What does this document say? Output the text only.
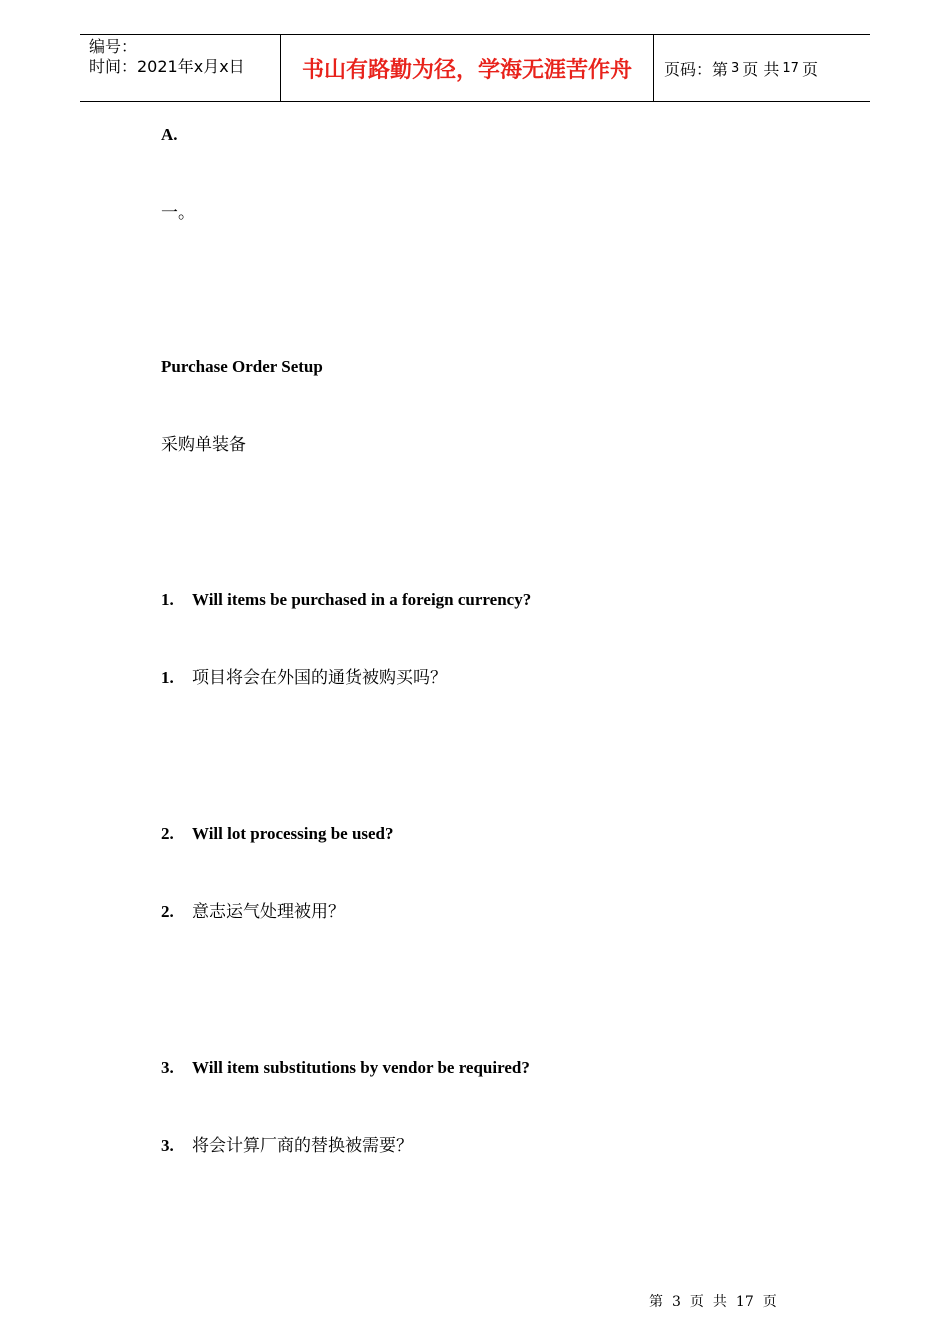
编号：
时间：2021年x月x日	书山有路勤为径，学海无涯苦作舟 页码：第 3 页 共 17 页
A.
一。
Purchase Order Setup
采购单装备
1. Will items be purchased in a foreign currency?
1. 项目将会在外国的通货被购买吗？
2. Will lot processing be used?
2. 意志运气处理被用？
3. Will item substitutions by vendor be required?
3. 将会计算厂商的替换被需要？
第 3 页 共 17 页
